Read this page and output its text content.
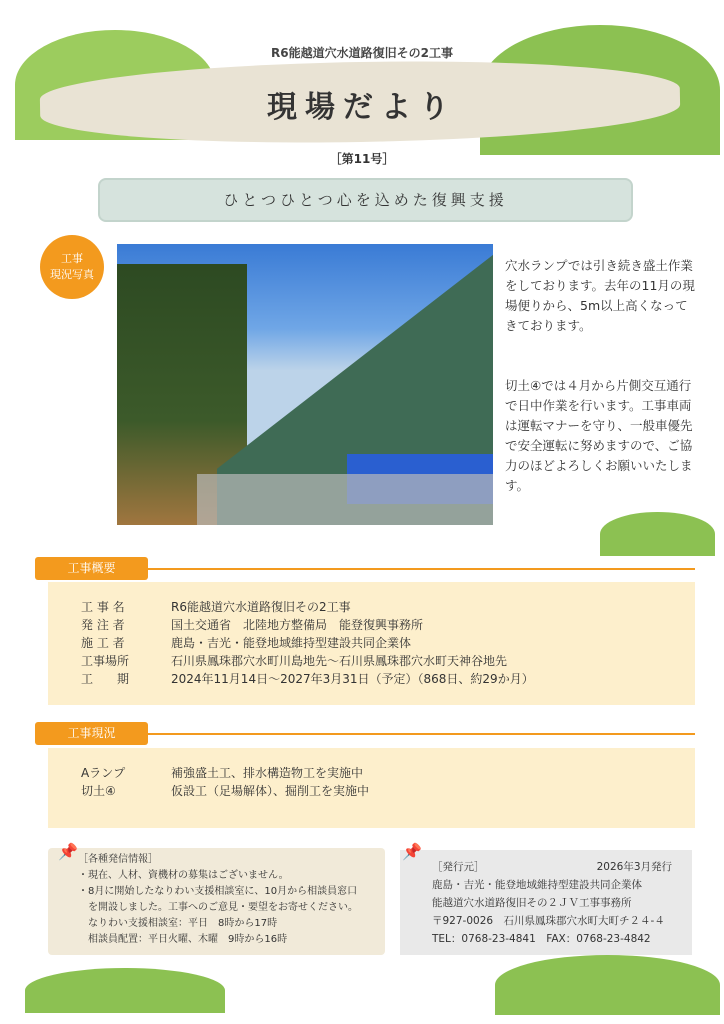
R6能越道穴水道路復旧その2工事
現場だより
［第11号］
ひとつひとつ心を込めた復興支援
工事
現況写真

穴水ランプでは引き続き盛土作業をしております。去年の11月の現場便りから、5m以上高くなってきております。

切土④では４月から片側交互通行で日中作業を行います。工事車両は運転マナーを守り、一般車優先で安全運転に努めますので、ご協力のほどよろしくお願いいたします。

工事概要
工 事 名	R6能越道穴水道路復旧その2工事
発 注 者	国土交通省　北陸地方整備局　能登復興事務所
施 工 者	鹿島・吉光・能登地域維持型建設共同企業体
工事場所	石川県鳳珠郡穴水町川島地先～石川県鳳珠郡穴水町天神谷地先
工　　期	2024年11月14日～2027年3月31日（予定）（868日、約29か月）
工事現況
Aランプ	補強盛土工、排水構造物工を実施中
切土④	仮設工（足場解体）、掘削工を実施中
［各種発信情報］
・現在、人材、資機材の募集はございません。
・8月に開始したなりわい支援相談室に、10月から相談員窓口
　を開設しました。工事へのご意見・要望をお寄せください。
　なりわい支援相談室：平日　8時から17時
　相談員配置：平日火曜、木曜　9時から16時
📌
［発行元］	2026年3月発行
鹿島・吉光・能登地域維持型建設共同企業体
能越道穴水道路復旧その２ＪＶ工事事務所
〒927-0026　石川県鳳珠郡穴水町大町チ２４-４
TEL：0768-23-4841　FAX：0768-23-4842
📌
